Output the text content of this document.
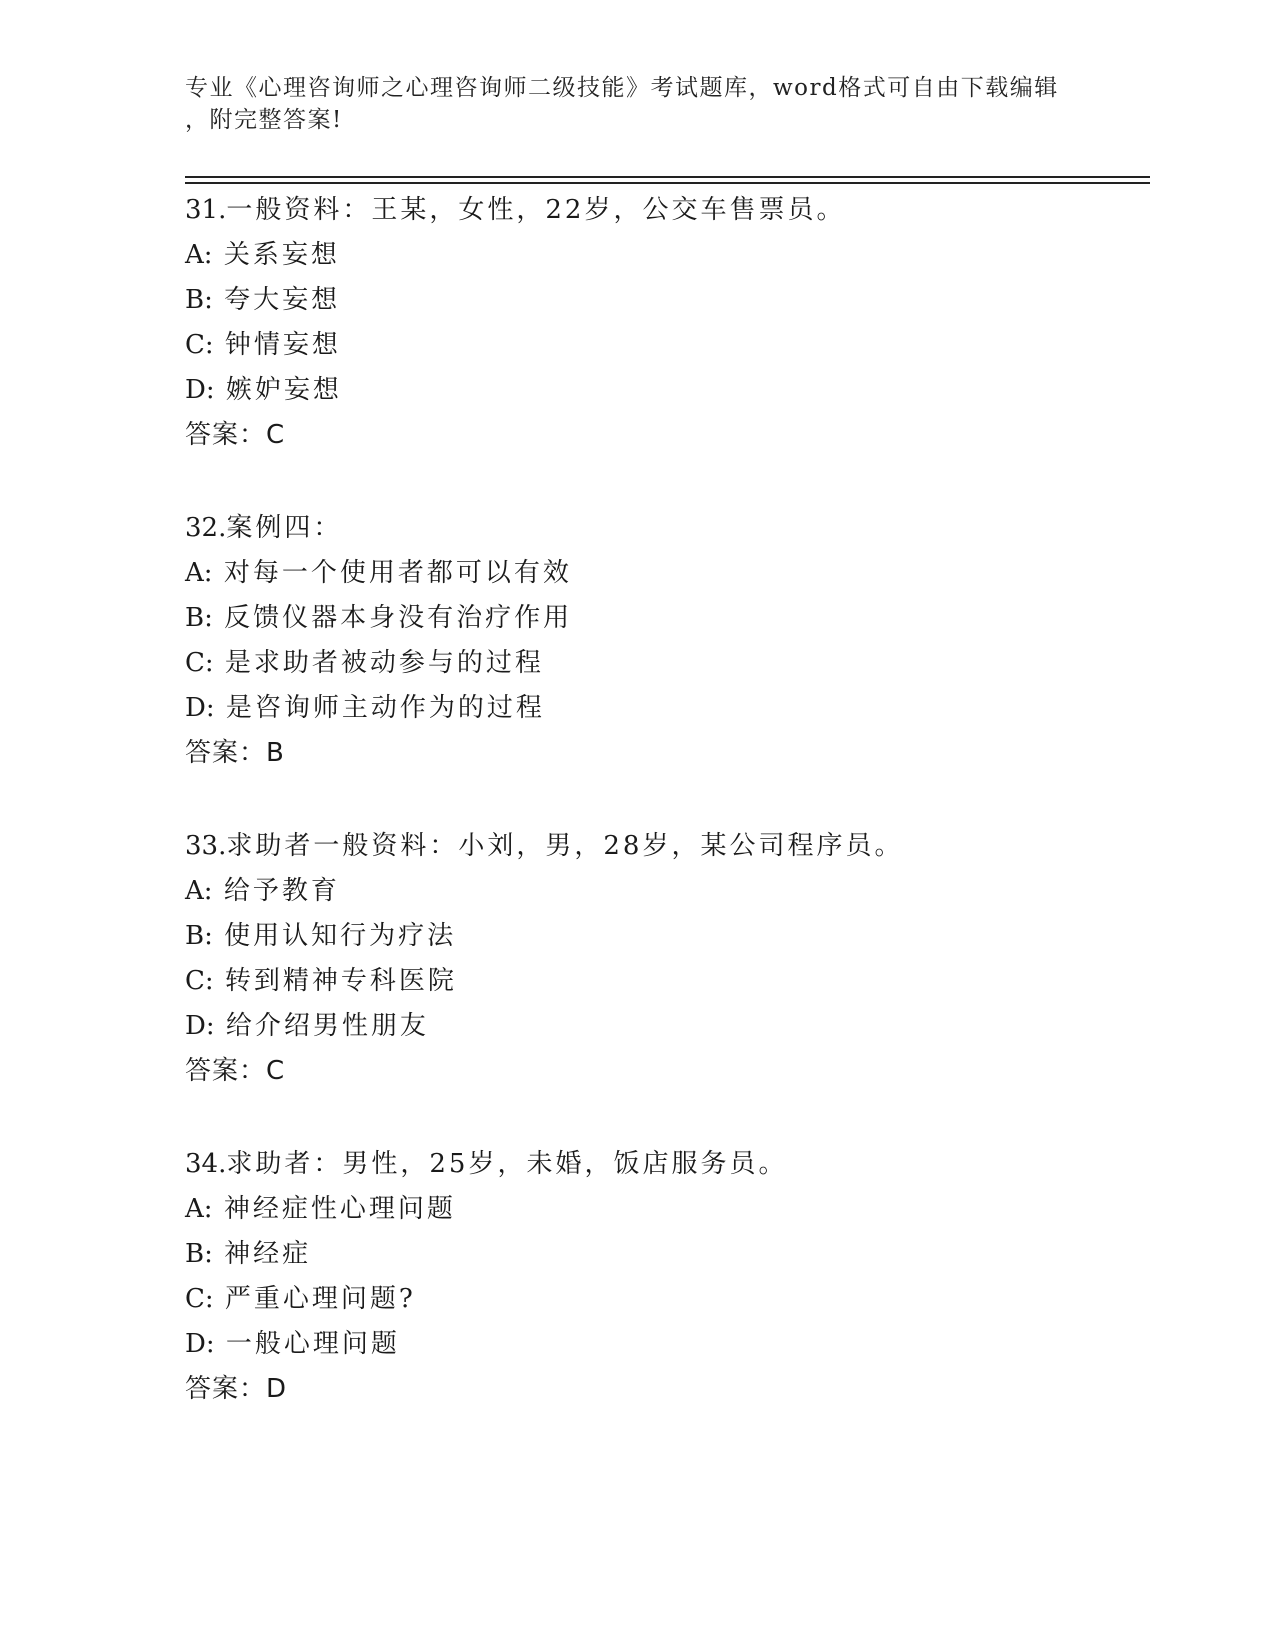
专业《心理咨询师之心理咨询师二级技能》考试题库，word格式可自由下载编辑
，附完整答案!
31.一般资料：王某，女性，22岁，公交车售票员。
A: 关系妄想
B: 夸大妄想
C: 钟情妄想
D: 嫉妒妄想
答案：C
32.案例四：
A: 对每一个使用者都可以有效
B: 反馈仪器本身没有治疗作用
C: 是求助者被动参与的过程
D: 是咨询师主动作为的过程
答案：B
33.求助者一般资料：小刘，男，28岁，某公司程序员。
A: 给予教育
B: 使用认知行为疗法
C: 转到精神专科医院
D: 给介绍男性朋友
答案：C
34.求助者：男性，25岁，未婚，饭店服务员。
A: 神经症性心理问题
B: 神经症
C: 严重心理问题?
D: 一般心理问题
答案：D
